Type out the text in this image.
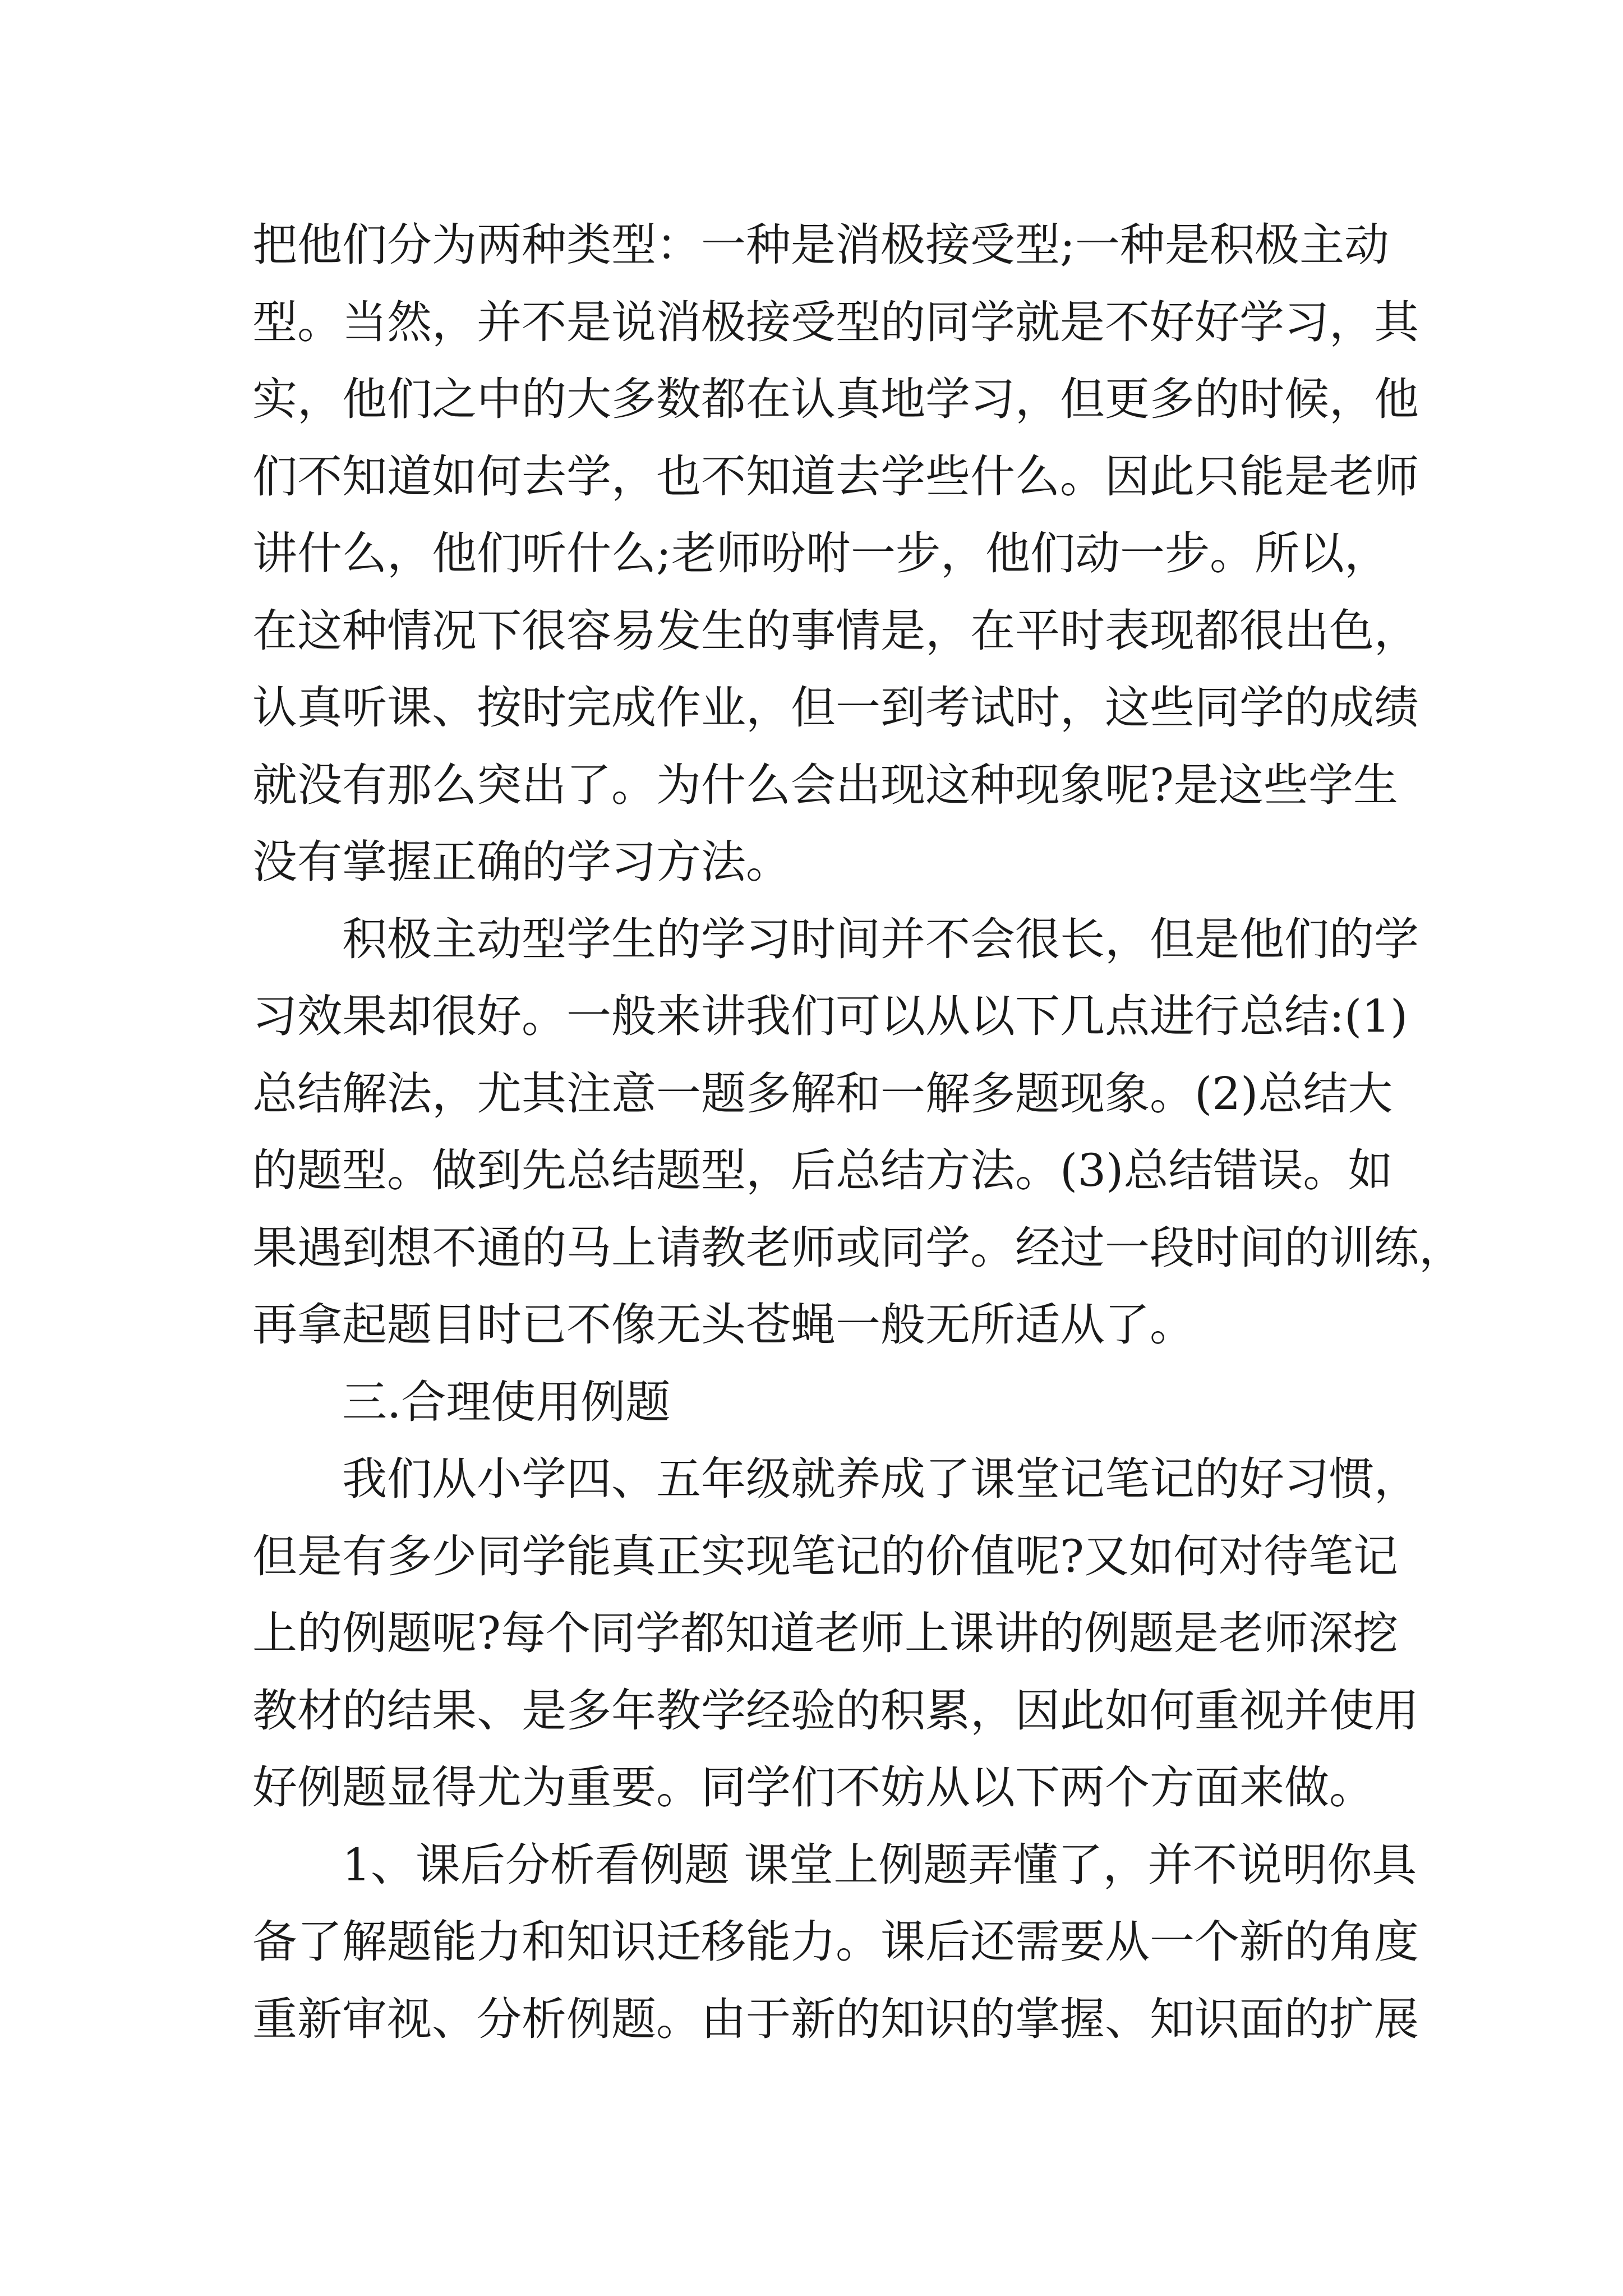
把他们分为两种类型：一种是消极接受型;一种是积极主动
型。当然，并不是说消极接受型的同学就是不好好学习，其
实，他们之中的大多数都在认真地学习，但更多的时候，他
们不知道如何去学，也不知道去学些什么。因此只能是老师
讲什么，他们听什么;老师吩咐一步，他们动一步。所以，
在这种情况下很容易发生的事情是，在平时表现都很出色，
认真听课、按时完成作业，但一到考试时，这些同学的成绩
就没有那么突出了。为什么会出现这种现象呢?是这些学生
没有掌握正确的学习方法。
积极主动型学生的学习时间并不会很长，但是他们的学
习效果却很好。一般来讲我们可以从以下几点进行总结:(1)
总结解法，尤其注意一题多解和一解多题现象。(2)总结大
的题型。做到先总结题型，后总结方法。(3)总结错误。如
果遇到想不通的马上请教老师或同学。经过一段时间的训练，
再拿起题目时已不像无头苍蝇一般无所适从了。
三.合理使用例题
我们从小学四、五年级就养成了课堂记笔记的好习惯，
但是有多少同学能真正实现笔记的价值呢?又如何对待笔记
上的例题呢?每个同学都知道老师上课讲的例题是老师深挖
教材的结果、是多年教学经验的积累，因此如何重视并使用
好例题显得尤为重要。同学们不妨从以下两个方面来做。
1、课后分析看例题 课堂上例题弄懂了，并不说明你具
备了解题能力和知识迁移能力。课后还需要从一个新的角度
重新审视、分析例题。由于新的知识的掌握、知识面的扩展
